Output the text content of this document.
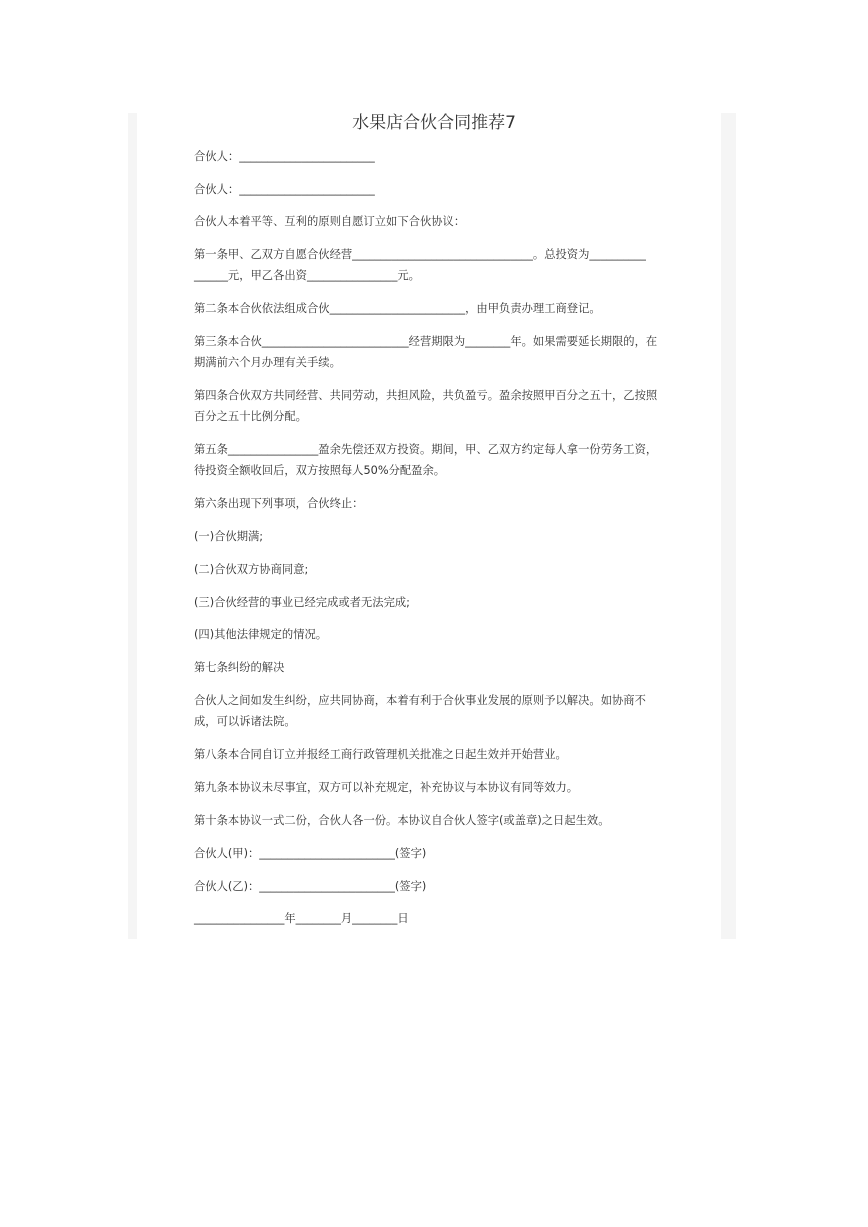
水果店合伙合同推荐7
合伙人：________________________
合伙人：________________________
合伙人本着平等、互利的原则自愿订立如下合伙协议：
第一条甲、乙双方自愿合伙经营________________________________。总投资为__________
______元，甲乙各出资________________元。
第二条本合伙依法组成合伙________________________，由甲负责办理工商登记。
第三条本合伙__________________________经营期限为________年。如果需要延长期限的，在期满前六个月办理有关手续。
第四条合伙双方共同经营、共同劳动，共担风险，共负盈亏。盈余按照甲百分之五十，乙按照百分之五十比例分配。
第五条________________盈余先偿还双方投资。期间，甲、乙双方约定每人拿一份劳务工资，待投资全额收回后，双方按照每人50%分配盈余。
第六条出现下列事项，合伙终止：
(一)合伙期满;
(二)合伙双方协商同意;
(三)合伙经营的事业已经完成或者无法完成;
(四)其他法律规定的情况。
第七条纠纷的解决
合伙人之间如发生纠纷，应共同协商，本着有利于合伙事业发展的原则予以解决。如协商不成，可以诉诸法院。
第八条本合同自订立并报经工商行政管理机关批准之日起生效并开始营业。
第九条本协议未尽事宜，双方可以补充规定，补充协议与本协议有同等效力。
第十条本协议一式二份，合伙人各一份。本协议自合伙人签字(或盖章)之日起生效。
合伙人(甲)：________________________(签字)
合伙人(乙)：________________________(签字)
________________年________月________日
